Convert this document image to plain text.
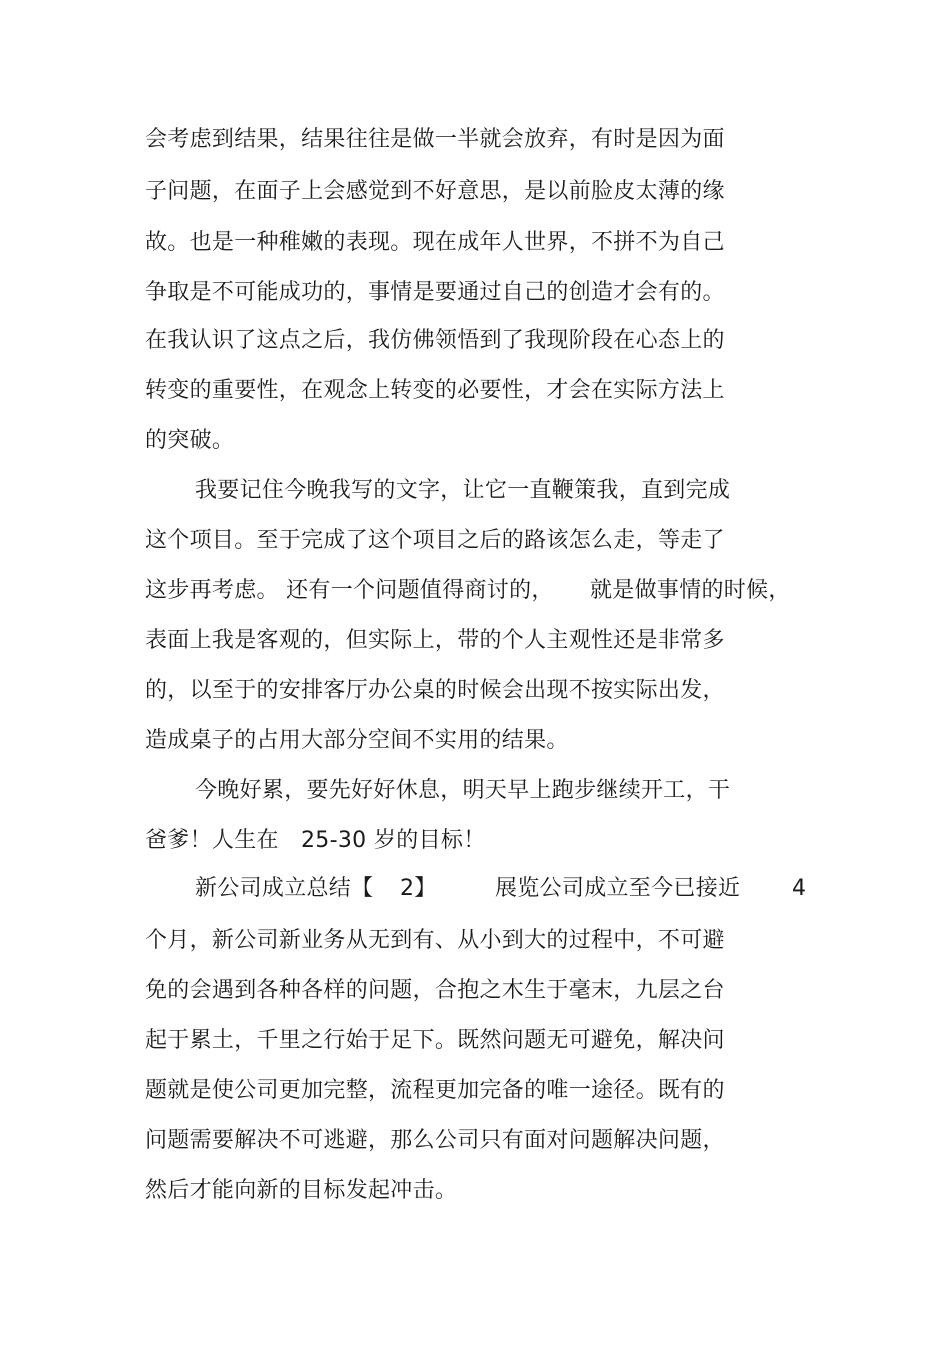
会考虑到结果，结果往往是做一半就会放弃，有时是因为面
子问题，在面子上会感觉到不好意思，是以前脸皮太薄的缘
故。也是一种稚嫩的表现。现在成年人世界，不拼不为自己
争取是不可能成功的，事情是要通过自己的创造才会有的。
在我认识了这点之后，我仿佛领悟到了我现阶段在心态上的
转变的重要性，在观念上转变的必要性，才会在实际方法上
的突破。
我要记住今晚我写的文字，让它一直鞭策我，直到完成
这个项目。至于完成了这个项目之后的路该怎么走，等走了

这步再考虑。 还有一个问题值得商讨的，

就是做事情的时候，

表面上我是客观的，但实际上，带的个人主观性还是非常多
的，以至于的安排客厅办公桌的时候会出现不按实际出发，
造成桌子的占用大部分空间不实用的结果。
今晚好累，要先好好休息，明天早上跑步继续开工，干

爸爹！人生在

25-30

岁的目标！

新公司成立总结【

2】

	展览公司成立至今已接近

4

个月，新公司新业务从无到有、从小到大的过程中，不可避
免的会遇到各种各样的问题，合抱之木生于毫末，九层之台
起于累土，千里之行始于足下。既然问题无可避免，解决问
题就是使公司更加完整，流程更加完备的唯一途径。既有的
问题需要解决不可逃避，那么公司只有面对问题解决问题，
然后才能向新的目标发起冲击。
